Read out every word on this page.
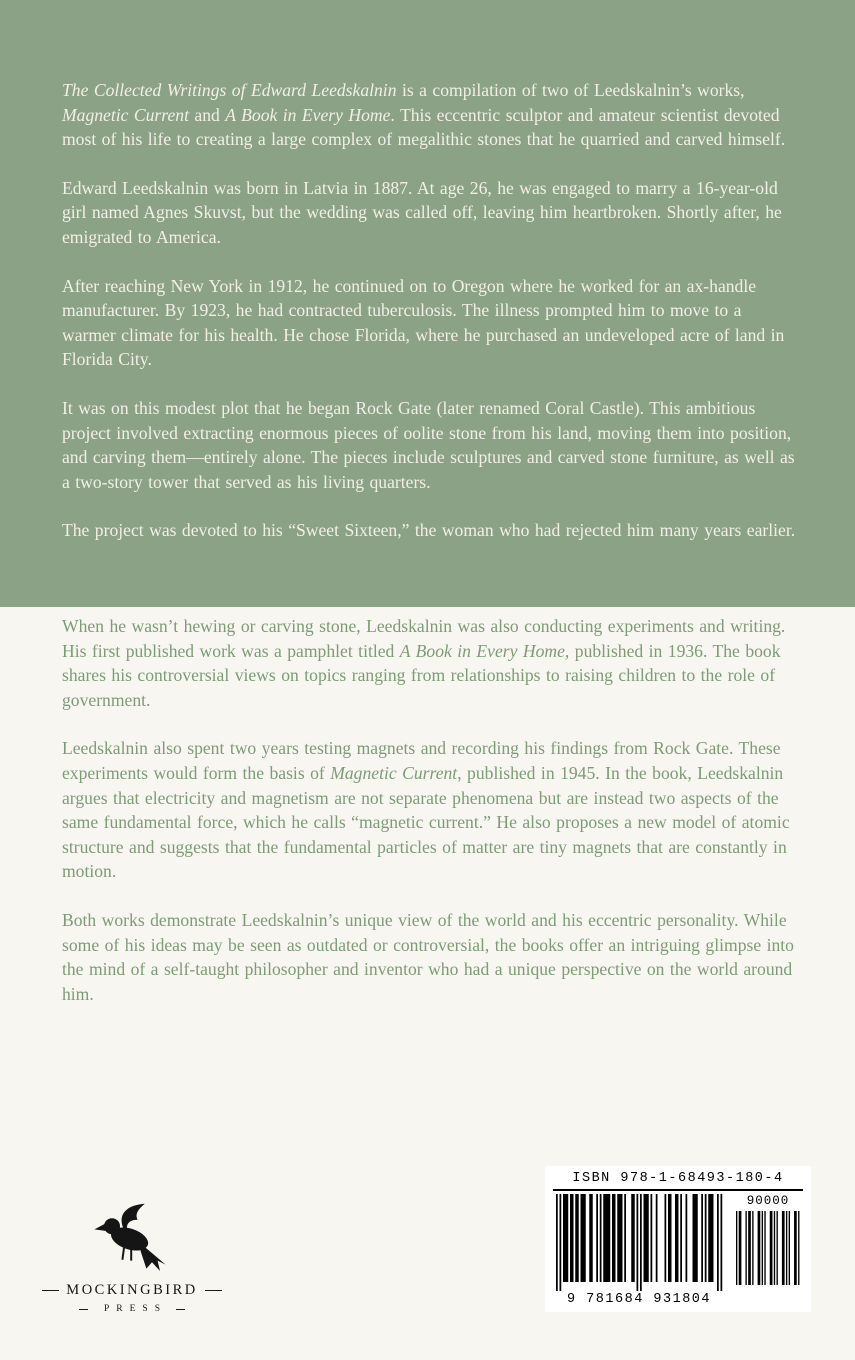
The Collected Writings of Edward Leedskalnin is a compilation of two of Leedskalnin’s works, Magnetic Current and A Book in Every Home. This eccentric sculptor and amateur scientist devoted most of his life to creating a large complex of megalithic stones that he quarried and carved himself.

Edward Leedskalnin was born in Latvia in 1887. At age 26, he was engaged to marry a 16-year-old girl named Agnes Skuvst, but the wedding was called off, leaving him heartbroken. Shortly after, he emigrated to America.

After reaching New York in 1912, he continued on to Oregon where he worked for an ax-handle manufacturer. By 1923, he had contracted tuberculosis. The illness prompted him to move to a warmer climate for his health. He chose Florida, where he purchased an undeveloped acre of land in Florida City.

It was on this modest plot that he began Rock Gate (later renamed Coral Castle). This ambitious project involved extracting enormous pieces of oolite stone from his land, moving them into position, and carving them—entirely alone. The pieces include sculptures and carved stone furniture, as well as a two-story tower that served as his living quarters.

The project was devoted to his “Sweet Sixteen,” the woman who had rejected him many years earlier.

When he wasn’t hewing or carving stone, Leedskalnin was also conducting experiments and writing. His first published work was a pamphlet titled A Book in Every Home, published in 1936. The book shares his controversial views on topics ranging from relationships to raising children to the role of government.

Leedskalnin also spent two years testing magnets and recording his findings from Rock Gate. These experiments would form the basis of Magnetic Current, published in 1945. In the book, Leedskalnin argues that electricity and magnetism are not separate phenomena but are instead two aspects of the same fundamental force, which he calls “magnetic current.” He also proposes a new model of atomic structure and suggests that the fundamental particles of matter are tiny magnets that are constantly in motion.

Both works demonstrate Leedskalnin’s unique view of the world and his eccentric personality. While some of his ideas may be seen as outdated or controversial, the books offer an intriguing glimpse into the mind of a self-taught philosopher and inventor who had a unique perspective on the world around him.

MOCKINGBIRD
PRESS
ISBN 978-1-68493-180-4
9 781684 931804
90000
